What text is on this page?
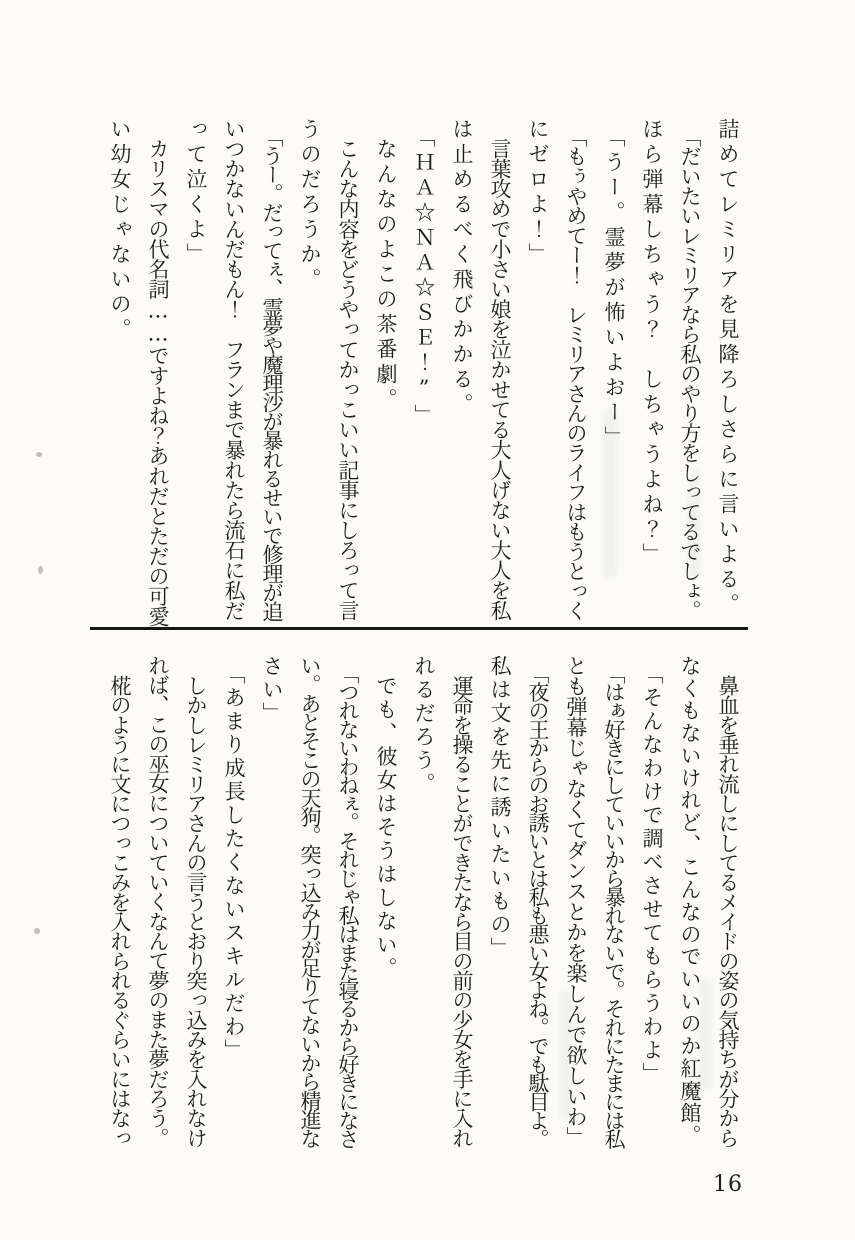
詰めてレミリアを見降ろしさらに言いよる。
「だいたいレミリアなら私のやり方をしってるでしょ。
ほら弾幕しちゃう？　しちゃうよね？」
「うー。霊夢が怖いよおー」
「もぅやめてー！　レミリアさんのライフはもうとっく
にゼロよ！」
言葉攻めで小さい娘を泣かせてる大人げない大人を私
は止めるべく飛びかかる。
「ＨＡ☆ＮＡ☆ＳＥ！”」
なんなのよこの茶番劇。
こんな内容をどうやってかっこいい記事にしろって言
うのだろうか。
「うー。だってぇ、霊夢や魔理沙が暴れるせいで修理が追
いつかないんだもん！　フランまで暴れたら流石に私だ
って泣くよ」
カリスマの代名詞……ですよね？あれだとただの可愛
い幼女じゃないの。
鼻血を垂れ流しにしてるメイドの姿の気持ちが分から
なくもないけれど、こんなのでいいのか紅魔館。
「そんなわけで調べさせてもらうわよ」
「はぁ好きにしていいから暴れないで。それにたまには私
とも弾幕じゃなくてダンスとかを楽しんで欲しいわ」
「夜の王からのお誘いとは私も悪い女よね。でも駄目よ。
私は文を先に誘いたいもの」
運命を操ることができたなら目の前の少女を手に入れ
れるだろう。
でも、彼女はそうはしない。
「つれないわねぇ。それじゃ私はまた寝るから好きになさ
い。あとそこの天狗。突っ込み力が足りてないから精進な
さい」
「あまり成長したくないスキルだわ」
しかしレミリアさんの言うとおり突っ込みを入れなけ
れば、この巫女についていくなんて夢のまた夢だろう。
椛のように文につっこみを入れられるぐらいにはなっ
16
